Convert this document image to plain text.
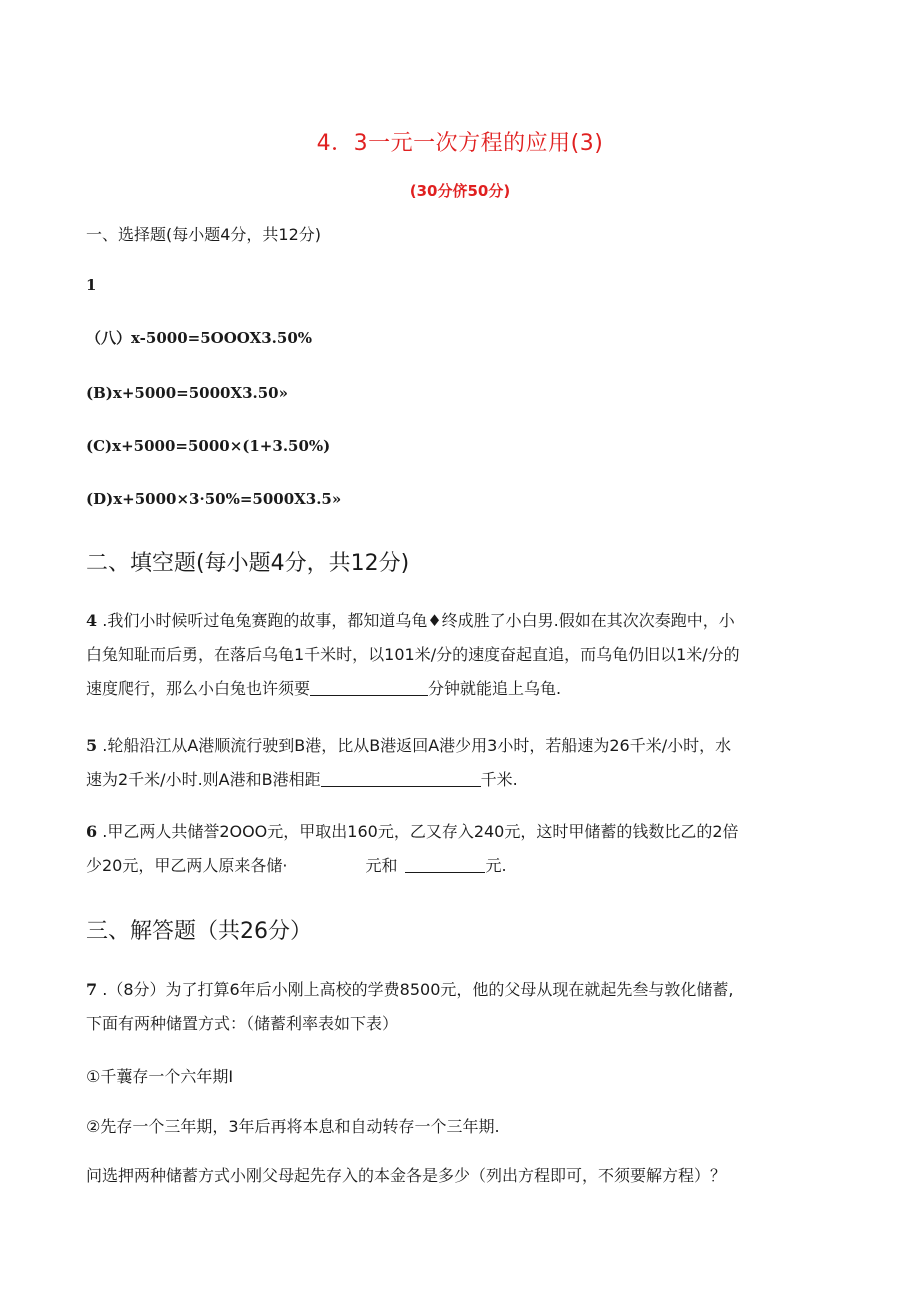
4．3一元一次方程的应用(3)
(30分侪50分)
一、选择题(每小题4分，共12分)
1
（八）x-5000=5OOOX3.50%
(B)x+5000=5000X3.50»
(C)x+5000=5000×(1+3.50%)
(D)x+5000×3·50%=5000X3.5»
二、填空题(每小题4分，共12分)
4 .我们小时候听过龟兔赛跑的故事，都知道乌龟♦终成胜了小白男.假如在其次次奏跑中，小
白兔知耻而后勇，在落后乌龟1千米时，以101米/分的速度奋起直追，而乌龟仍旧以1米/分的
速度爬行，那么小白兔也许须要	分钟就能追上乌龟.
5 .轮船沿江从A港顺流行驶到B港，比从B港返回A港少用3小时，若船速为26千米/小时，水
速为2千米/小时.则A港和B港相距	千米.
6 .甲乙两人共储誉2OOO元，甲取出160元，乙又存入240元，这时甲储蓄的钱数比乙的2倍
少20元，甲乙两人原来各储·	元和	元.
三、解答题（共26分）
7 .（8分）为了打算6年后小刚上高校的学费8500元，他的父母从现在就起先叁与敦化储蓄,
下面有两种储置方式：（储蓄利率表如下表）
①千蘘存一个六年期I
②先存一个三年期，3年后再将本息和自动转存一个三年期.
问选押两种储蓄方式小刚父母起先存入的本金各是多少（列出方程即可，不须要解方程）？
